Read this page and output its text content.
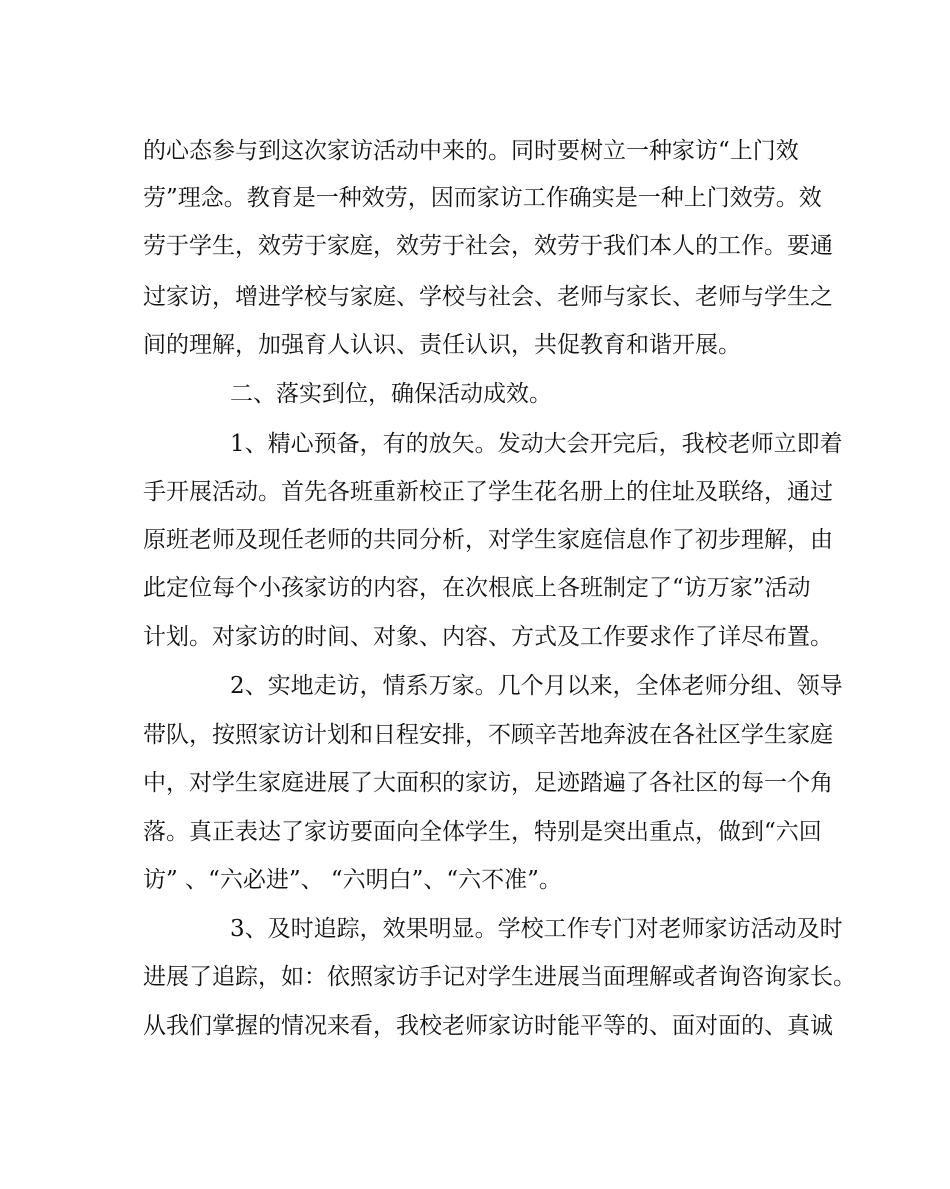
的心态参与到这次家访活动中来的。同时要树立一种家访“上门效
劳”理念。教育是一种效劳，因而家访工作确实是一种上门效劳。效
劳于学生，效劳于家庭，效劳于社会，效劳于我们本人的工作。要通
过家访，增进学校与家庭、学校与社会、老师与家长、老师与学生之
间的理解，加强育人认识、责任认识，共促教育和谐开展。
二、落实到位，确保活动成效。
1、精心预备，有的放矢。发动大会开完后，我校老师立即着
手开展活动。首先各班重新校正了学生花名册上的住址及联络，通过
原班老师及现任老师的共同分析，对学生家庭信息作了初步理解，由
此定位每个小孩家访的内容，在次根底上各班制定了“访万家”活动
计划。对家访的时间、对象、内容、方式及工作要求作了详尽布置。
2、实地走访，情系万家。几个月以来，全体老师分组、领导
带队，按照家访计划和日程安排，不顾辛苦地奔波在各社区学生家庭
中，对学生家庭进展了大面积的家访，足迹踏遍了各社区的每一个角
落。真正表达了家访要面向全体学生，特别是突出重点，做到“六回
访” 、“六必进”、 “六明白”、“六不准”。
3、及时追踪，效果明显。学校工作专门对老师家访活动及时
进展了追踪，如：依照家访手记对学生进展当面理解或者询咨询家长。
从我们掌握的情况来看，我校老师家访时能平等的、面对面的、真诚
